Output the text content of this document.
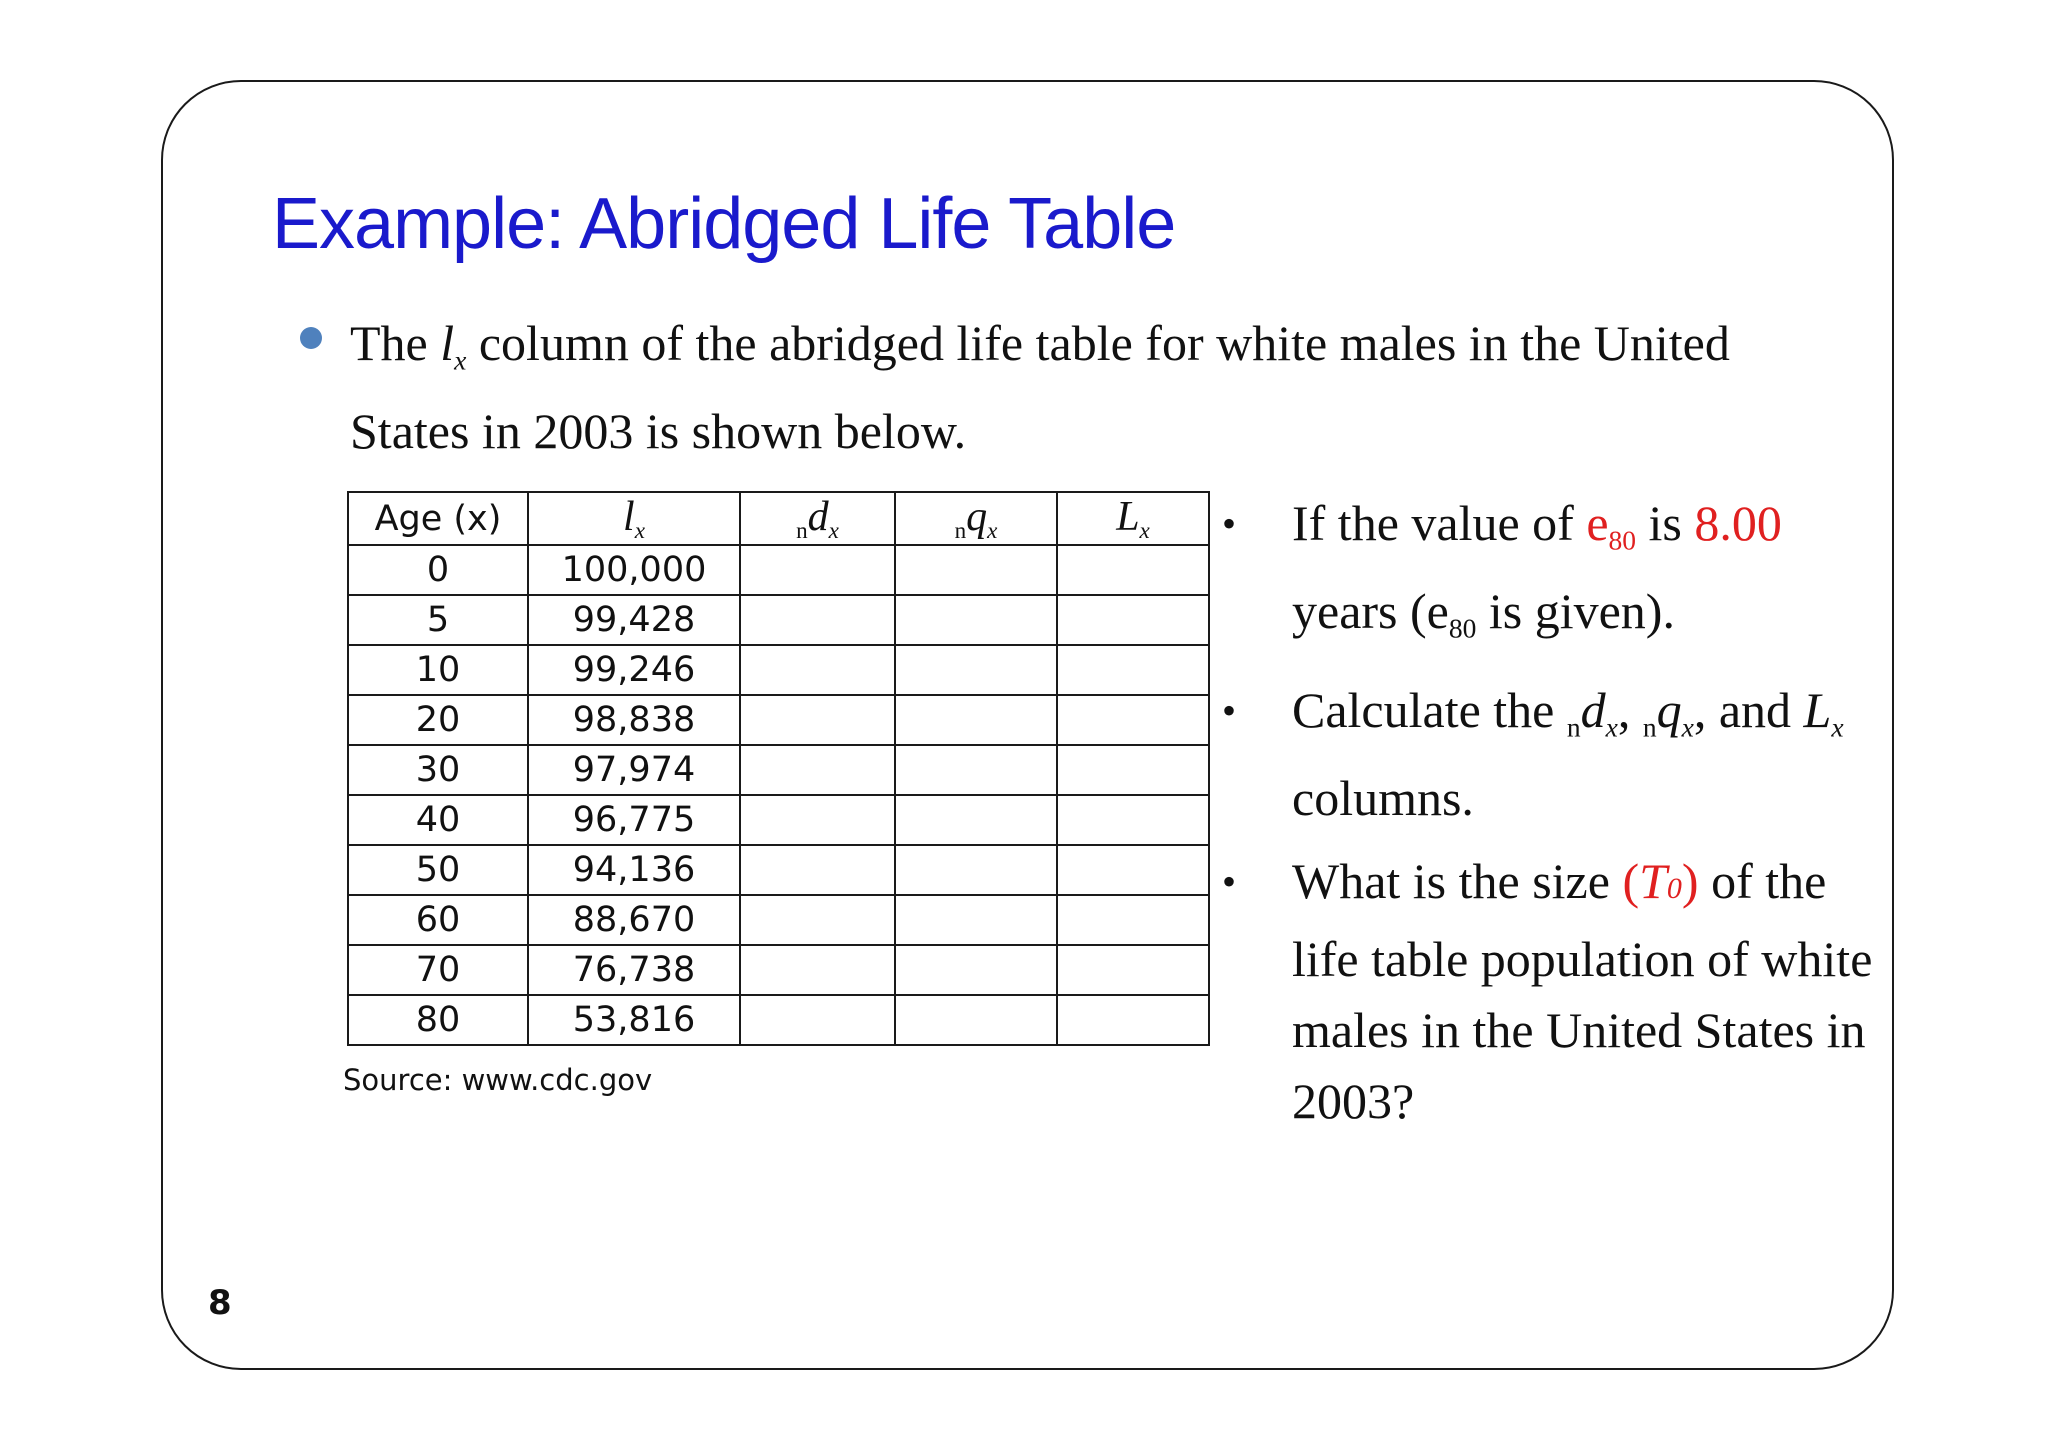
Example: Abridged Life Table
The $l_x$ column of the abridged life table for white males in the United States in 2003 is shown below.
Age (x)	$l_x$	$nd_x$	$nq_x$	$L_x$
0	100,000			
5	99,428			
10	99,246			
20	98,838			
30	97,974			
40	96,775			
50	94,136			
60	88,670			
70	76,738			
80	53,816			
Source: www.cdc.gov
• If the value of $e_{80}$ is 8.00 years ($e_{80}$ is given).
• Calculate the $_nd_x$, $_nq_x$, and $L_x$ columns.
• What is the size (T0) of the life table population of white males in the United States in 2003?
8
